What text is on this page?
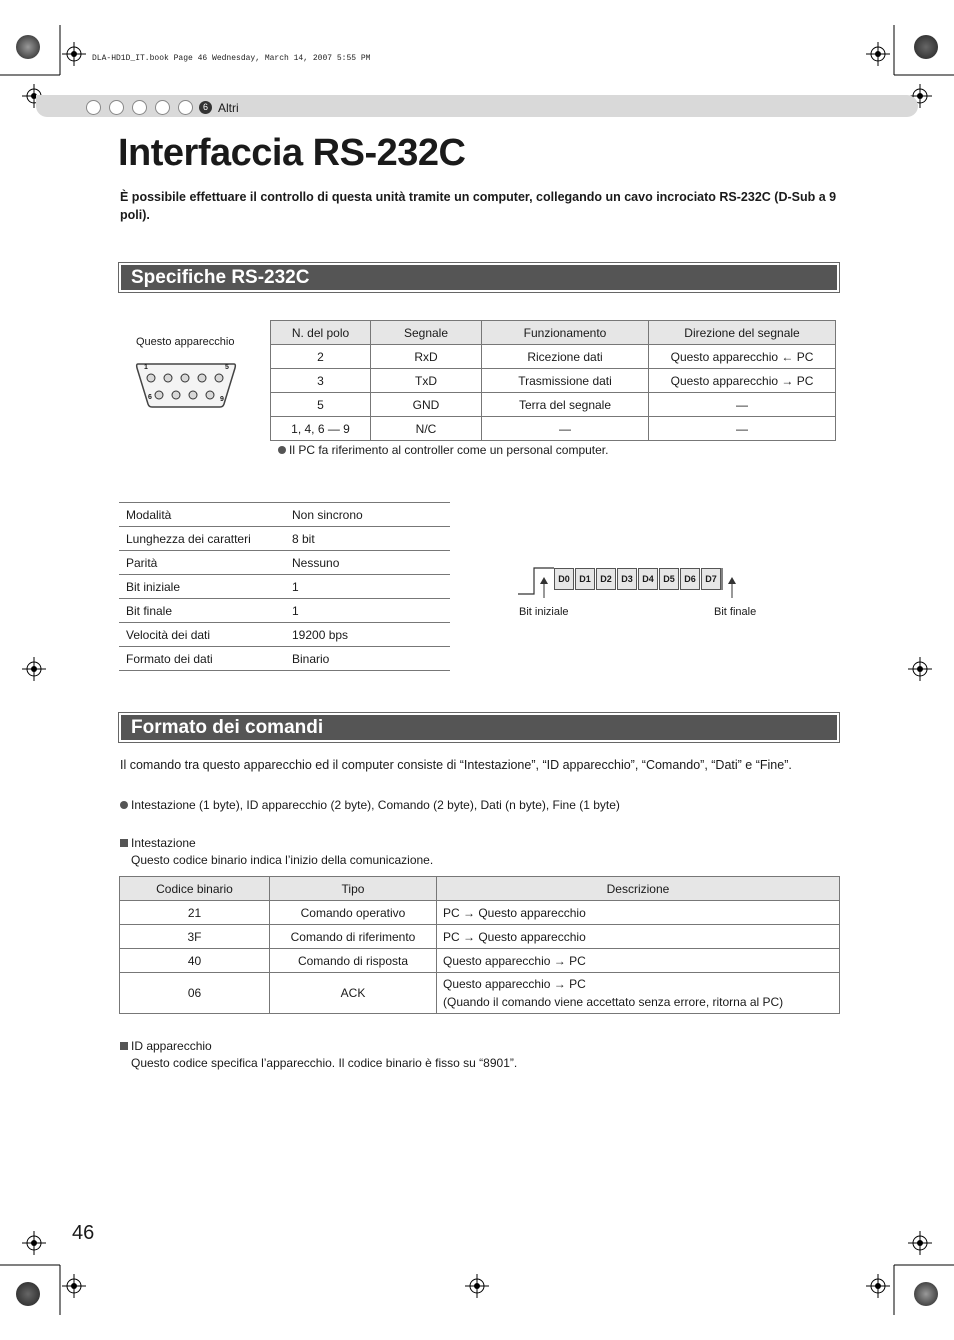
DLA-HD1D_IT.book Page 46 Wednesday, March 14, 2007 5:55 PM
6 Altri
Interfaccia RS-232C
È possibile effettuare il controllo di questa unità tramite un computer, collegando un cavo incrociato RS-232C (D-Sub a 9 poli).
Specifiche RS-232C
Questo apparecchio
1	5
6	9
N. del polo	Segnale	Funzionamento	Direzione del segnale
2	RxD	Ricezione dati	Questo apparecchio ← PC
3	TxD	Trasmissione dati	Questo apparecchio → PC
5	GND	Terra del segnale	—
1, 4, 6 — 9	N/C	—	—
Il PC fa riferimento al controller come un personal computer.
Modalità	Non sincrono
Lunghezza dei caratteri	8 bit
Parità	Nessuno
Bit iniziale	1
Bit finale	1
Velocità dei dati	19200 bps
Formato dei dati	Binario
D0	D1	D2	D3	D4	D5	D6	D7
Bit iniziale	Bit finale
Formato dei comandi
Il comando tra questo apparecchio ed il computer consiste di “Intestazione”, “ID apparecchio”, “Comando”, “Dati” e “Fine”.
Intestazione (1 byte), ID apparecchio (2 byte), Comando (2 byte), Dati (n byte), Fine (1 byte)
Intestazione
Questo codice binario indica l’inizio della comunicazione.
Codice binario	Tipo	Descrizione
21	Comando operativo	PC → Questo apparecchio
3F	Comando di riferimento	PC → Questo apparecchio
40	Comando di risposta	Questo apparecchio → PC
06	ACK	Questo apparecchio → PC
(Quando il comando viene accettato senza errore, ritorna al PC)
ID apparecchio
Questo codice specifica l’apparecchio. Il codice binario è fisso su “8901”.
46
